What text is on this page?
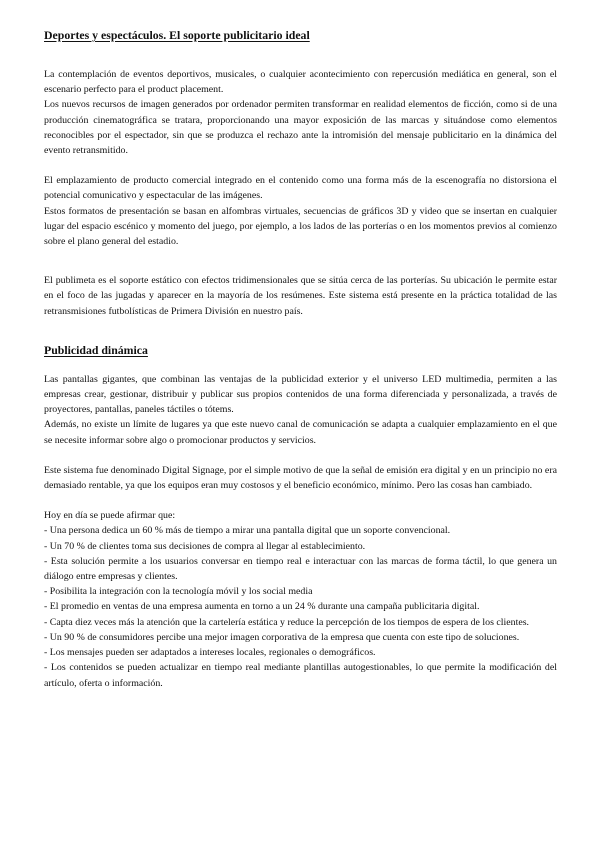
Deportes y espectáculos. El soporte publicitario ideal

La contemplación de eventos deportivos, musicales, o cualquier acontecimiento con repercusión mediática en general, son el escenario perfecto para el product placement.

Los nuevos recursos de imagen generados por ordenador permiten transformar en realidad elementos de ficción, como si de una producción cinematográfica se tratara, proporcionando una mayor exposición de las marcas y situándose como elementos reconocibles por el espectador, sin que se produzca el rechazo ante la intromisión del mensaje publicitario en la dinámica del evento retransmitido.

El emplazamiento de producto comercial integrado en el contenido como una forma más de la escenografía no distorsiona el potencial comunicativo y espectacular de las imágenes.

Estos formatos de presentación se basan en alfombras virtuales, secuencias de gráficos 3D y video que se insertan en cualquier lugar del espacio escénico y momento del juego, por ejemplo, a los lados de las porterías o en los momentos previos al comienzo sobre el plano general del estadio.

El publimeta es el soporte estático con efectos tridimensionales que se sitúa cerca de las porterías. Su ubicación le permite estar en el foco de las jugadas y aparecer en la mayoría de los resúmenes. Este sistema está presente en la práctica totalidad de las retransmisiones futbolísticas de Primera División en nuestro país.

Publicidad dinámica

Las pantallas gigantes, que combinan las ventajas de la publicidad exterior y el universo LED multimedia, permiten a las empresas crear, gestionar, distribuir y publicar sus propios contenidos de una forma diferenciada y personalizada, a través de proyectores, pantallas, paneles táctiles o tótems.

Además, no existe un límite de lugares ya que este nuevo canal de comunicación se adapta a cualquier emplazamiento en el que se necesite informar sobre algo o promocionar productos y servicios.

Este sistema fue denominado Digital Signage, por el simple motivo de que la señal de emisión era digital y en un principio no era demasiado rentable, ya que los equipos eran muy costosos y el beneficio económico, mínimo. Pero las cosas han cambiado.

Hoy en día se puede afirmar que:

- Una persona dedica un 60 % más de tiempo a mirar una pantalla digital que un soporte convencional.

- Un 70 % de clientes toma sus decisiones de compra al llegar al establecimiento.

- Esta solución permite a los usuarios conversar en tiempo real e interactuar con las marcas de forma táctil, lo que genera un diálogo entre empresas y clientes.

- Posibilita la integración con la tecnología móvil y los social media

- El promedio en ventas de una empresa aumenta en torno a un 24 % durante una campaña publicitaria digital.

- Capta diez veces más la atención que la cartelería estática y reduce la percepción de los tiempos de espera de los clientes.

- Un 90 % de consumidores percibe una mejor imagen corporativa de la empresa que cuenta con este tipo de soluciones.

- Los mensajes pueden ser adaptados a intereses locales, regionales o demográficos.

- Los contenidos se pueden actualizar en tiempo real mediante plantillas autogestionables, lo que permite la modificación del artículo, oferta o información.
